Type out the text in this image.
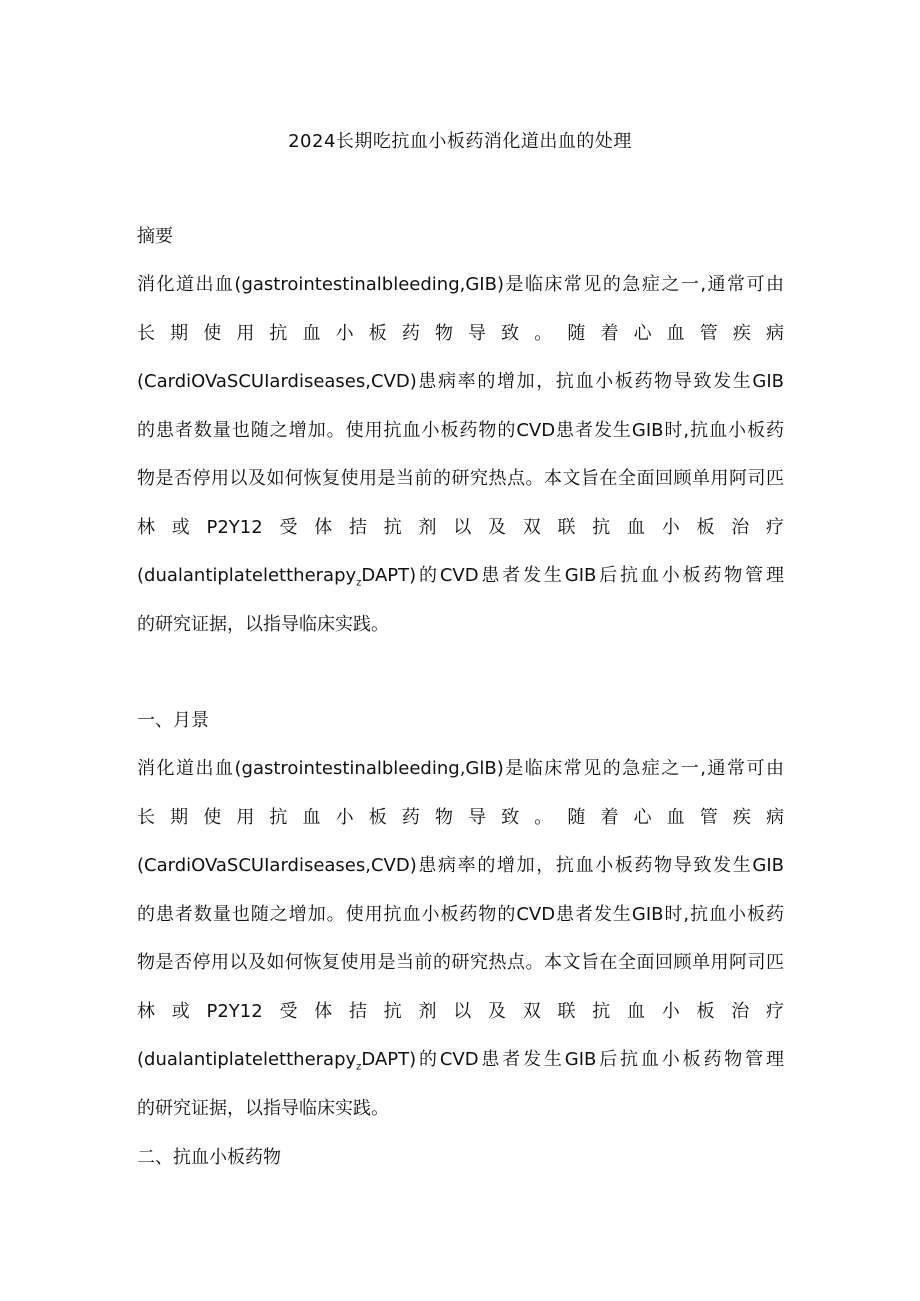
2024长期吃抗血小板药消化道出血的处理
摘要
消化道出血(gastrointestinalbleeding,GIB)是临床常见的急症之一,通常可由
长期使用抗血小板药物导致。随着心血管疾病
(CardiOVaSCUIardiseases,CVD)患病率的增加，抗血小板药物导致发生GIB
的患者数量也随之增加。使用抗血小板药物的CVD患者发生GIB时,抗血小板药
物是否停用以及如何恢复使用是当前的研究热点。本文旨在全面回顾单用阿司匹
林或P2Y12受体拮抗剂以及双联抗血小板治疗
(dualantiplatelettherapy$_z$DAPT)的CVD患者发生GIB后抗血小板药物管理
的研究证据，以指导临床实践。
一、月景
消化道出血(gastrointestinalbleeding,GlB)是临床常见的急症之一,通常可由
长期使用抗血小板药物导致。随着心血管疾病
(CardiOVaSCUIardiseases,CVD)患病率的增加，抗血小板药物导致发生GIB
的患者数量也随之增加。使用抗血小板药物的CVD患者发生GIB时,抗血小板药
物是否停用以及如何恢复使用是当前的研究热点。本文旨在全面回顾单用阿司匹
林或P2Y12受体拮抗剂以及双联抗血小板治疗
(dualantiplatelettherapy$_z$DAPT)的CVD患者发生GIB后抗血小板药物管理
的研究证据，以指导临床实践。
二、抗血小板药物
